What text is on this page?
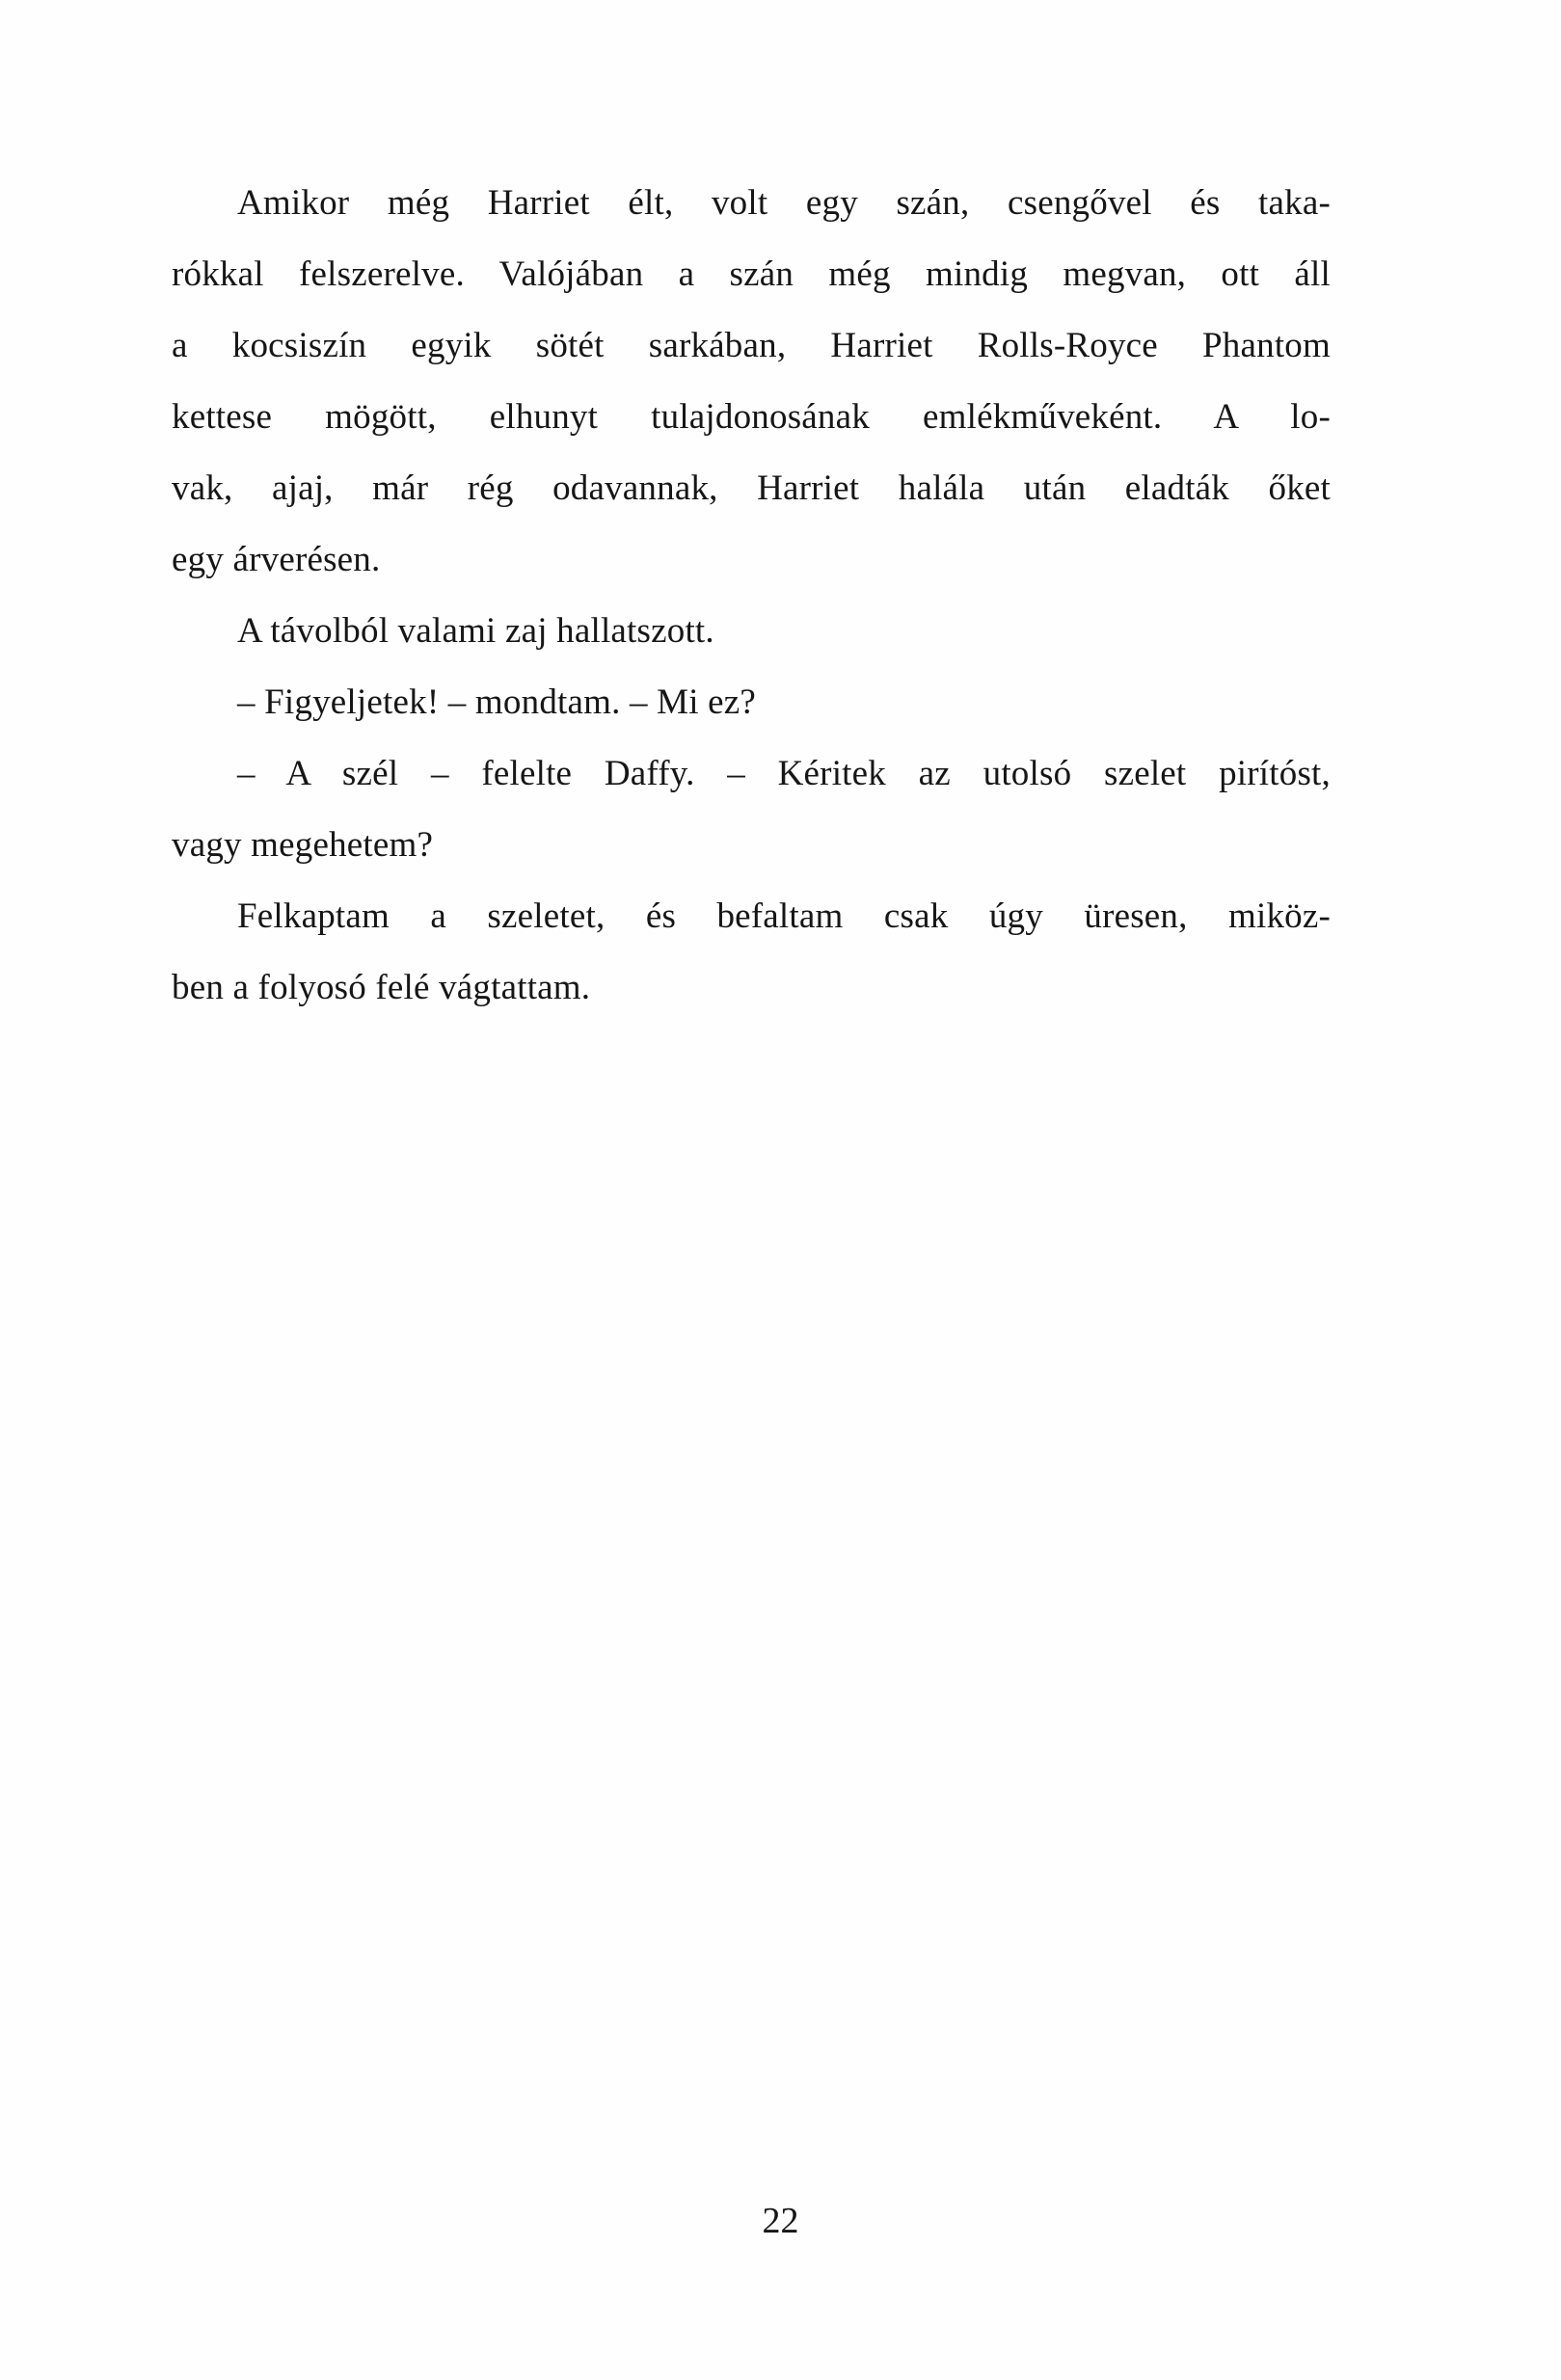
Amikor még Harriet élt, volt egy szán, csengővel és taka-
rókkal felszerelve. Valójában a szán még mindig megvan, ott áll
a kocsiszín egyik sötét sarkában, Harriet Rolls-Royce Phantom
kettese mögött, elhunyt tulajdonosának emlékműveként. A lo-
vak, ajaj, már rég odavannak, Harriet halála után eladták őket
egy árverésen.
A távolból valami zaj hallatszott.
– Figyeljetek! – mondtam. – Mi ez?
– A szél – felelte Daffy. – Kéritek az utolsó szelet pirítóst,
vagy megehetem?
Felkaptam a szeletet, és befaltam csak úgy üresen, miköz-
ben a folyosó felé vágtattam.
22
